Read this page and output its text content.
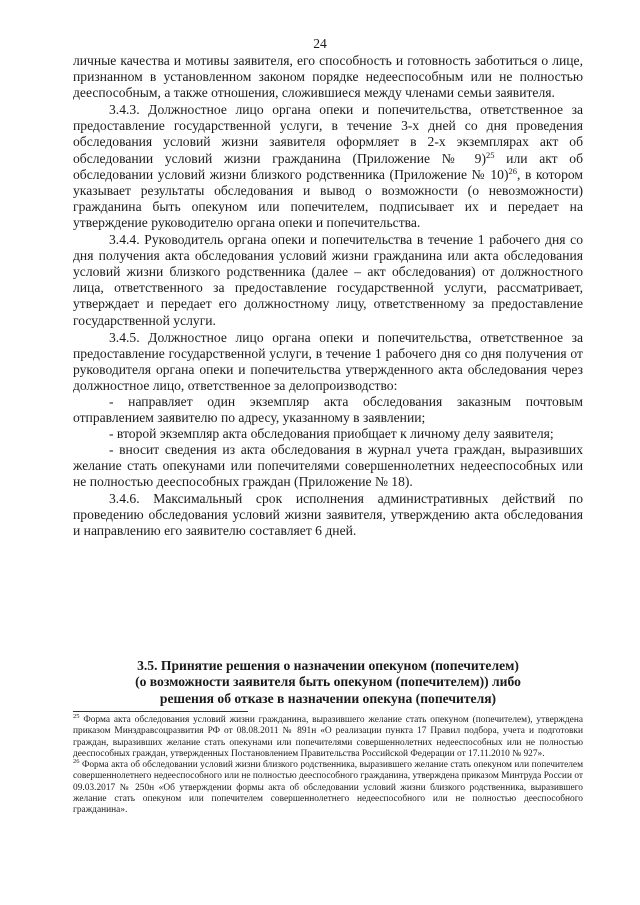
24

личные качества и мотивы заявителя, его способность и готовность заботиться о лице, признанном в установленном законом порядке недееспособным или не полностью дееспособным, а также отношения, сложившиеся между членами семьи заявителя.

3.4.3. Должностное лицо органа опеки и попечительства, ответственное за предоставление государственной услуги, в течение 3-х дней со дня проведения обследования условий жизни заявителя оформляет в 2-х экземплярах акт об обследовании условий жизни гражданина (Приложение № 9)$^{25}$ или акт об обследовании условий жизни близкого родственника (Приложение № 10)$^{26}$, в котором указывает результаты обследования и вывод о возможности (о невозможности) гражданина быть опекуном или попечителем, подписывает их и передает на утверждение руководителю органа опеки и попечительства.

3.4.4. Руководитель органа опеки и попечительства в течение 1 рабочего дня со дня получения акта обследования условий жизни гражданина или акта обследования условий жизни близкого родственника (далее – акт обследования) от должностного лица, ответственного за предоставление государственной услуги, рассматривает, утверждает и передает его должностному лицу, ответственному за предоставление государственной услуги.

3.4.5. Должностное лицо органа опеки и попечительства, ответственное за предоставление государственной услуги, в течение 1 рабочего дня со дня получения от руководителя органа опеки и попечительства утвержденного акта обследования через должностное лицо, ответственное за делопроизводство:

- направляет один экземпляр акта обследования заказным почтовым отправлением заявителю по адресу, указанному в заявлении;

- второй экземпляр акта обследования приобщает к личному делу заявителя;

- вносит сведения из акта обследования в журнал учета граждан, выразивших желание стать опекунами или попечителями совершеннолетних недееспособных или не полностью дееспособных граждан (Приложение № 18).

3.4.6. Максимальный срок исполнения административных действий по проведению обследования условий жизни заявителя, утверждению акта обследования и направлению его заявителю составляет 6 дней.

3.5. Принятие решения о назначении опекуном (попечителем)
(о возможности заявителя быть опекуном (попечителем)) либо
решения об отказе в назначении опекуна (попечителя)

$^{25}$ Форма акта обследования условий жизни гражданина, выразившего желание стать опекуном (попечителем), утверждена приказом Минздравсоцразвития РФ от 08.08.2011 № 891н «О реализации пункта 17 Правил подбора, учета и подготовки граждан, выразивших желание стать опекунами или попечителями совершеннолетних недееспособных или не полностью дееспособных граждан, утвержденных Постановлением Правительства Российской Федерации от 17.11.2010 № 927».

$^{26}$ Форма акта об обследовании условий жизни близкого родственника, выразившего желание стать опекуном или попечителем совершеннолетнего недееспособного или не полностью дееспособного гражданина, утверждена приказом Минтруда России от 09.03.2017 № 250н «Об утверждении формы акта об обследовании условий жизни близкого родственника, выразившего желание стать опекуном или попечителем совершеннолетнего недееспособного или не полностью дееспособного гражданина».
